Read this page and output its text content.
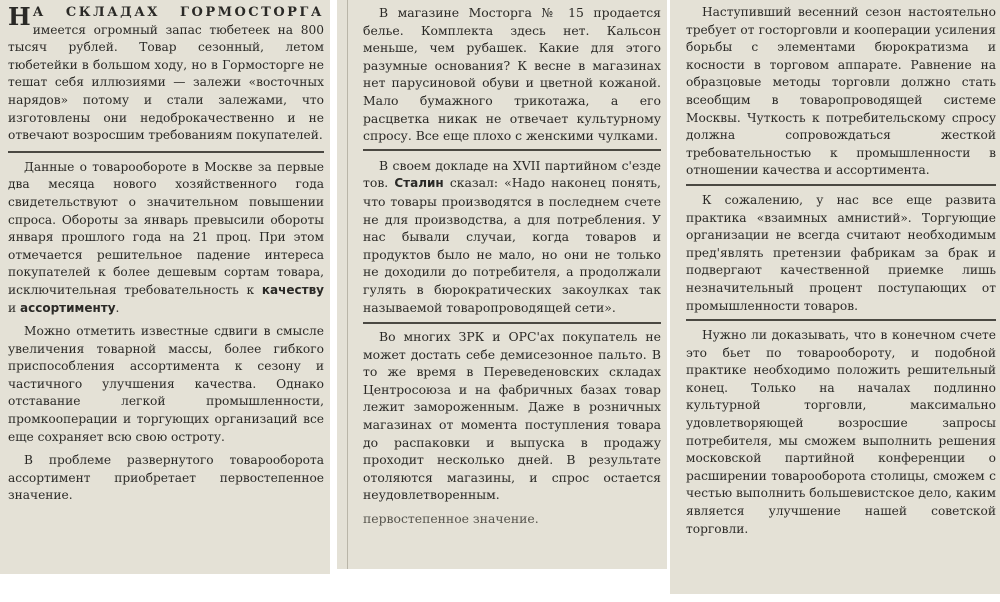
Н А СКЛАДАХ ГОРМОСТОРГА имеется огромный запас тюбетеек на 800 тысяч рублей. Товар сезонный, летом тюбетейки в большом ходу, но в Гормосторге не тешат себя иллюзиями — залежи «восточных нарядов» потому и стали залежами, что изготовлены они недоброкачественно и не отвечают возросшим требованиям покупателей.

Данные о товарообороте в Москве за первые два месяца нового хозяйственного года свидетельствуют о значительном повышении спроса. Обороты за январь превысили обороты января прошлого года на 21 проц. При этом отмечается решительное падение интереса покупателей к более дешевым сортам товара, исключительная требовательность к качеству и ассортименту.

Можно отметить известные сдвиги в смысле увеличения товарной массы, более гибкого приспособления ассортимента к сезону и частичного улучшения качества. Однако отставание легкой промышленности, промкооперации и торгующих организаций все еще сохраняет всю свою остроту.

В проблеме развернутого товарооборота ассортимент приобретает первостепенное значение.

В магазине Мосторга № 15 продается белье. Комплекта здесь нет. Кальсон меньше, чем рубашек. Какие для этого разумные основания? К весне в магазинах нет парусиновой обуви и цветной кожаной. Мало бумажного трикотажа, а его расцветка никак не отвечает культурному спросу. Все еще плохо с женскими чулками.

В своем докладе на XVII партийном с'езде тов. Сталин сказал: «Надо наконец понять, что товары производятся в последнем счете не для производства, а для потребления. У нас бывали случаи, когда товаров и продуктов было не мало, но они не только не доходили до потребителя, а продолжали гулять в бюрократических закоулках так называемой товаропроводящей сети».

Во многих ЗРК и ОРС'ах покупатель не может достать себе демисезонное пальто. В то же время в Переведеновских складах Центросоюза и на фабричных базах товар лежит замороженным. Даже в розничных магазинах от момента поступления товара до распаковки и выпуска в продажу проходит несколько дней. В результате отоляются магазины, и спрос остается неудовлетворенным.

первостепенное значение.

Наступивший весенний сезон настоятельно требует от госторговли и кооперации усиления борьбы с элементами бюрократизма и косности в торговом аппарате. Равнение на образцовые методы торговли должно стать всеобщим в товаропроводящей системе Москвы. Чуткость к потребительскому спросу должна сопровождаться жесткой требовательностью к промышленности в отношении качества и ассортимента.

К сожалению, у нас все еще развита практика «взаимных амнистий». Торгующие организации не всегда считают необходимым пред'являть претензии фабрикам за брак и подвергают качественной приемке лишь незначительный процент поступающих от промышленности товаров.

Нужно ли доказывать, что в конечном счете это бьет по товарообороту, и подобной практике необходимо положить решительный конец. Только на началах подлинно культурной торговли, максимально удовлетворяющей возросшие запросы потребителя, мы сможем выполнить решения московской партийной конференции о расширении товарооборота столицы, сможем с честью выполнить большевистское дело, каким является улучшение нашей советской торговли.
